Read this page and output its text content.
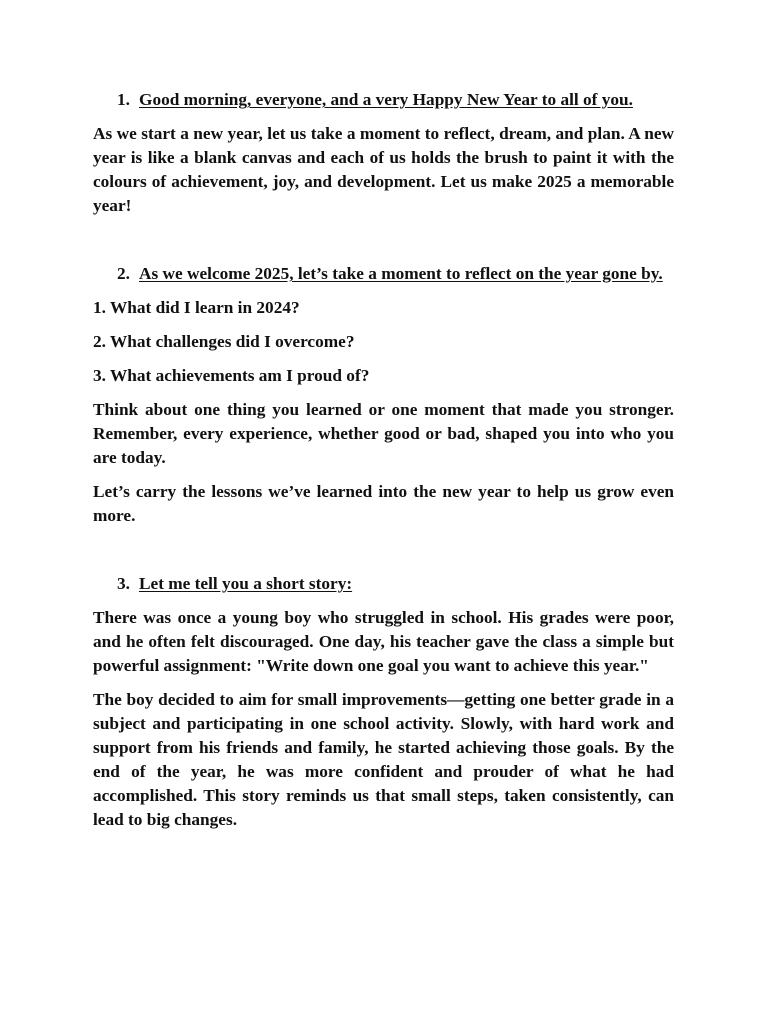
1. Good morning, everyone, and a very Happy New Year to all of you.

As we start a new year, let us take a moment to reflect, dream, and plan. A new year is like a blank canvas and each of us holds the brush to paint it with the colours of achievement, joy, and development. Let us make 2025 a memorable year!

2. As we welcome 2025, let’s take a moment to reflect on the year gone by.

1. What did I learn in 2024?

2. What challenges did I overcome?

3. What achievements am I proud of?

Think about one thing you learned or one moment that made you stronger. Remember, every experience, whether good or bad, shaped you into who you are today.

Let’s carry the lessons we’ve learned into the new year to help us grow even more.

3. Let me tell you a short story:

There was once a young boy who struggled in school. His grades were poor, and he often felt discouraged. One day, his teacher gave the class a simple but powerful assignment: "Write down one goal you want to achieve this year."

The boy decided to aim for small improvements—getting one better grade in a subject and participating in one school activity. Slowly, with hard work and support from his friends and family, he started achieving those goals. By the end of the year, he was more confident and prouder of what he had accomplished. This story reminds us that small steps, taken consistently, can lead to big changes.
